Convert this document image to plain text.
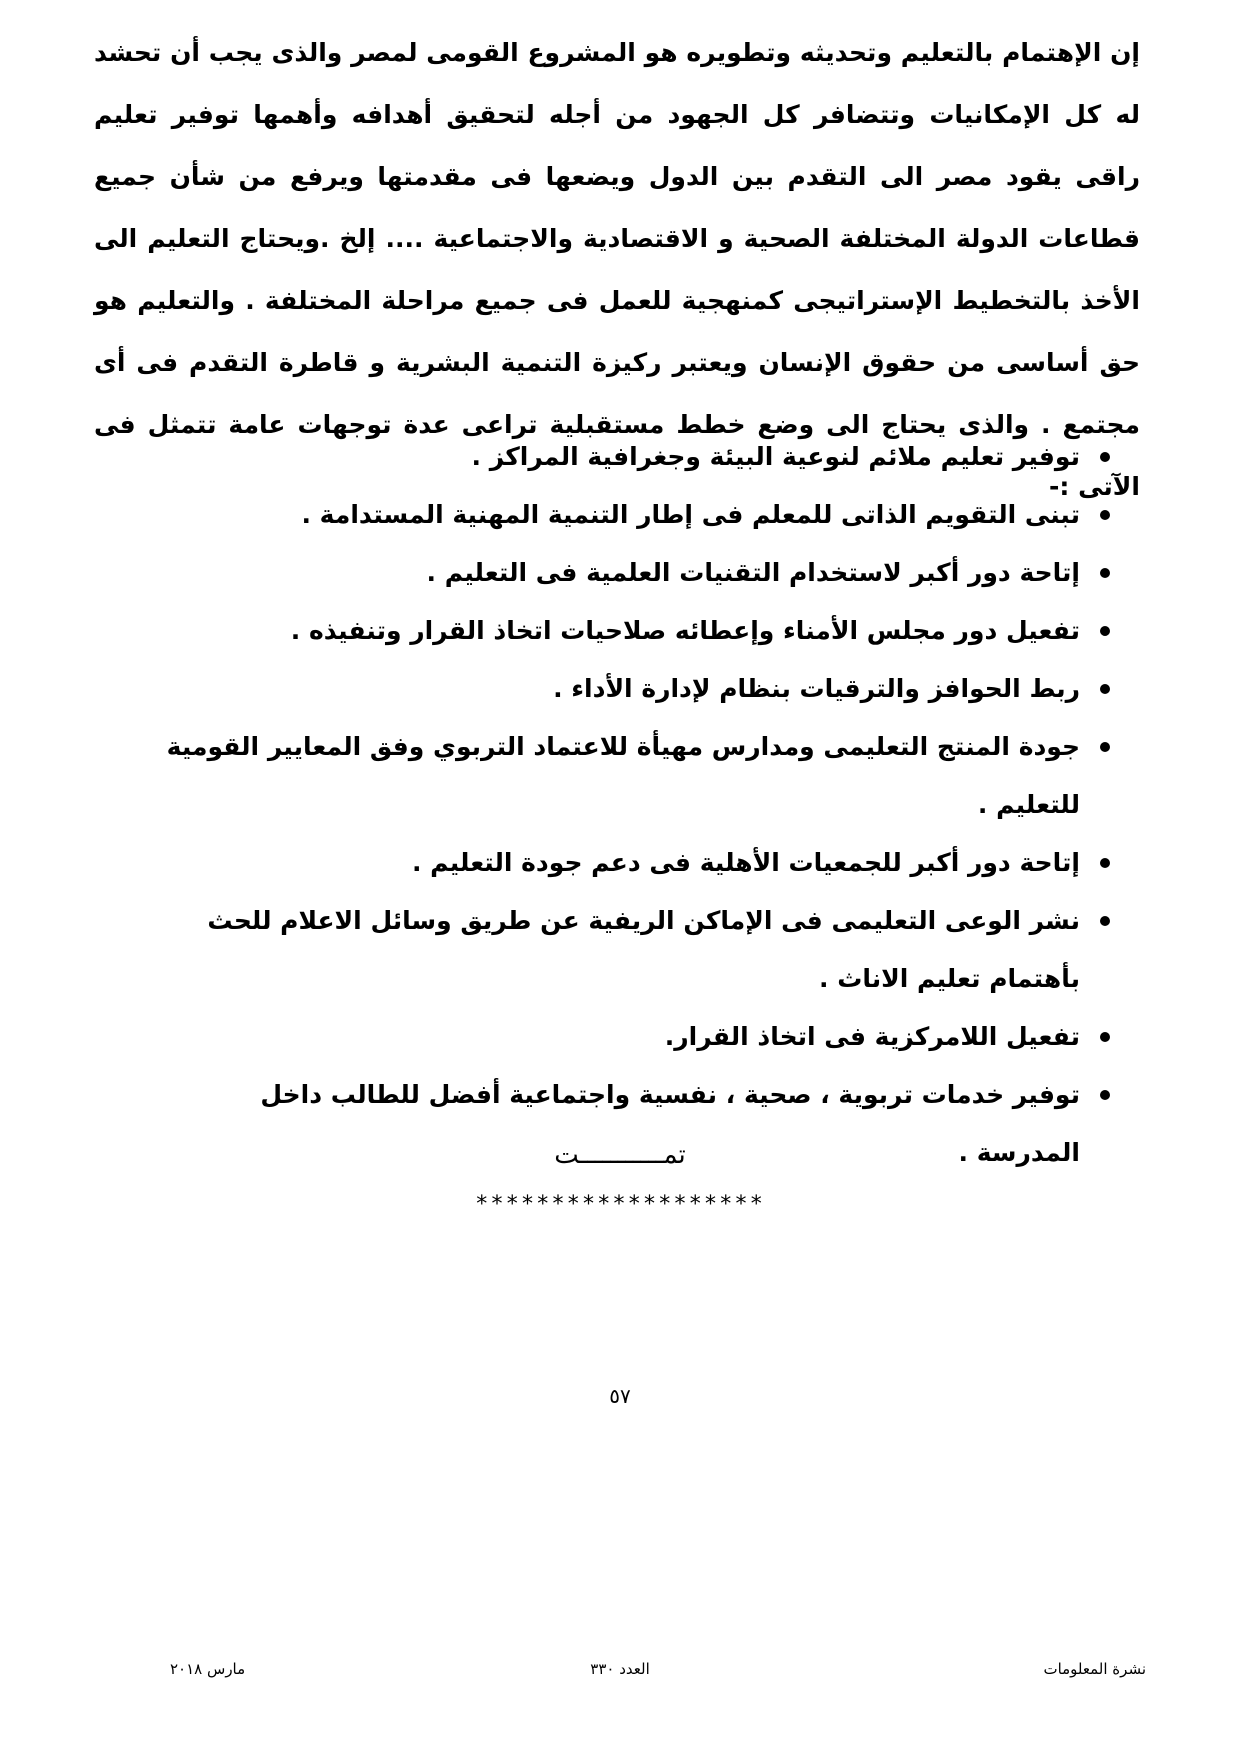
إن الإهتمام بالتعليم وتحديثه وتطويره هو المشروع القومى لمصر والذى يجب أن تحشد له كل الإمكانيات وتتضافر كل الجهود من أجله لتحقيق أهدافه وأهمها توفير تعليم راقى يقود مصر الى التقدم بين الدول ويضعها فى مقدمتها ويرفع من شأن جميع قطاعات الدولة المختلفة الصحية و الاقتصادية والاجتماعية .... إلخ .ويحتاج التعليم الى الأخذ بالتخطيط الإستراتيجى كمنهجية للعمل فى جميع مراحلة المختلفة . والتعليم هو حق أساسى من حقوق الإنسان ويعتبر ركيزة التنمية البشرية و قاطرة التقدم فى أى مجتمع . والذى يحتاج الى وضع خطط مستقبلية تراعى عدة توجهات عامة تتمثل فى الآتى :-

توفير تعليم ملائم لنوعية البيئة وجغرافية المراكز .
تبنى التقويم الذاتى للمعلم فى إطار التنمية المهنية المستدامة .
إتاحة دور أكبر لاستخدام التقنيات العلمية فى التعليم .
تفعيل دور مجلس الأمناء وإعطائه صلاحيات اتخاذ القرار وتنفيذه .
ربط الحوافز والترقيات بنظام لإدارة الأداء .
جودة المنتج التعليمى ومدارس مهيأة للاعتماد التربوي وفق المعايير القومية للتعليم .
إتاحة دور أكبر للجمعيات الأهلية فى دعم جودة التعليم .
نشر الوعى التعليمى فى الإماكن الريفية عن طريق وسائل الاعلام للحث بأهتمام تعليم الاناث .
تفعيل اللامركزية فى اتخاذ القرار.
توفير خدمات تربوية ، صحية ، نفسية واجتماعية أفضل للطالب داخل المدرسة .

تمـــــــــــت

*******************

٥٧

نشرة المعلومات

العدد ٣٣٠

مارس ٢٠١٨
